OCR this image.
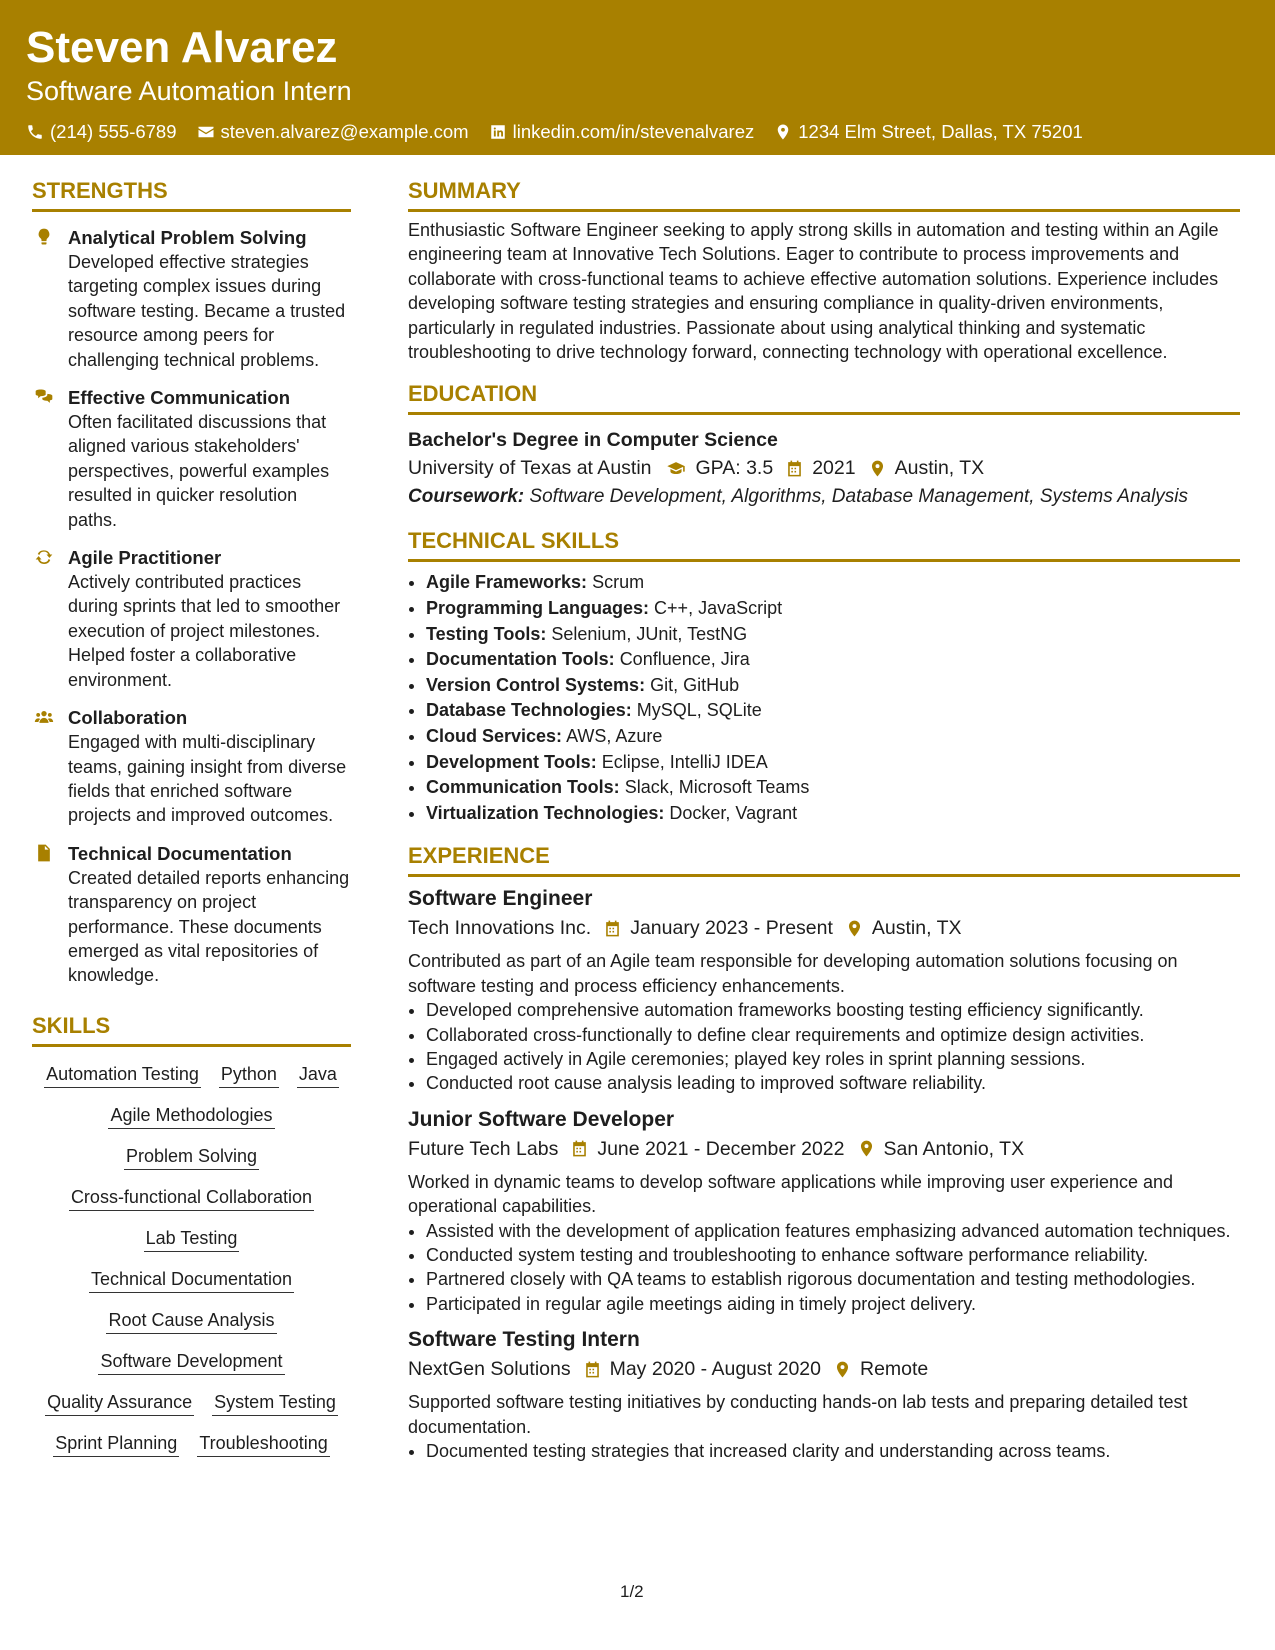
Steven Alvarez
Software Automation Intern
(214) 555-6789 steven.alvarez@example.com linkedin.com/in/stevenalvarez 1234 Elm Street, Dallas, TX 75201
STRENGTHS
Analytical Problem Solving
Developed effective strategies targeting complex issues during software testing. Became a trusted resource among peers for challenging technical problems.
Effective Communication
Often facilitated discussions that aligned various stakeholders' perspectives, powerful examples resulted in quicker resolution paths.
Agile Practitioner
Actively contributed practices during sprints that led to smoother execution of project milestones. Helped foster a collaborative environment.
Collaboration
Engaged with multi-disciplinary teams, gaining insight from diverse fields that enriched software projects and improved outcomes.
Technical Documentation
Created detailed reports enhancing transparency on project performance. These documents emerged as vital repositories of knowledge.
SKILLS
Automation Testing Python Java
Agile Methodologies
Problem Solving
Cross-functional Collaboration
Lab Testing
Technical Documentation
Root Cause Analysis
Software Development
Quality Assurance System Testing
Sprint Planning Troubleshooting
SUMMARY
Enthusiastic Software Engineer seeking to apply strong skills in automation and testing within an Agile engineering team at Innovative Tech Solutions. Eager to contribute to process improvements and collaborate with cross-functional teams to achieve effective automation solutions. Experience includes developing software testing strategies and ensuring compliance in quality-driven environments, particularly in regulated industries. Passionate about using analytical thinking and systematic troubleshooting to drive technology forward, connecting technology with operational excellence.
EDUCATION
Bachelor's Degree in Computer Science
University of Texas at Austin GPA: 3.5 2021 Austin, TX
Coursework: Software Development, Algorithms, Database Management, Systems Analysis
TECHNICAL SKILLS
• Agile Frameworks: Scrum
• Programming Languages: C++, JavaScript
• Testing Tools: Selenium, JUnit, TestNG
• Documentation Tools: Confluence, Jira
• Version Control Systems: Git, GitHub
• Database Technologies: MySQL, SQLite
• Cloud Services: AWS, Azure
• Development Tools: Eclipse, IntelliJ IDEA
• Communication Tools: Slack, Microsoft Teams
• Virtualization Technologies: Docker, Vagrant
EXPERIENCE
Software Engineer
Tech Innovations Inc. January 2023 - Present Austin, TX
Contributed as part of an Agile team responsible for developing automation solutions focusing on software testing and process efficiency enhancements.
• Developed comprehensive automation frameworks boosting testing efficiency significantly.
• Collaborated cross-functionally to define clear requirements and optimize design activities.
• Engaged actively in Agile ceremonies; played key roles in sprint planning sessions.
• Conducted root cause analysis leading to improved software reliability.
Junior Software Developer
Future Tech Labs June 2021 - December 2022 San Antonio, TX
Worked in dynamic teams to develop software applications while improving user experience and operational capabilities.
• Assisted with the development of application features emphasizing advanced automation techniques.
• Conducted system testing and troubleshooting to enhance software performance reliability.
• Partnered closely with QA teams to establish rigorous documentation and testing methodologies.
• Participated in regular agile meetings aiding in timely project delivery.
Software Testing Intern
NextGen Solutions May 2020 - August 2020 Remote
Supported software testing initiatives by conducting hands-on lab tests and preparing detailed test documentation.
• Documented testing strategies that increased clarity and understanding across teams.
1/2
